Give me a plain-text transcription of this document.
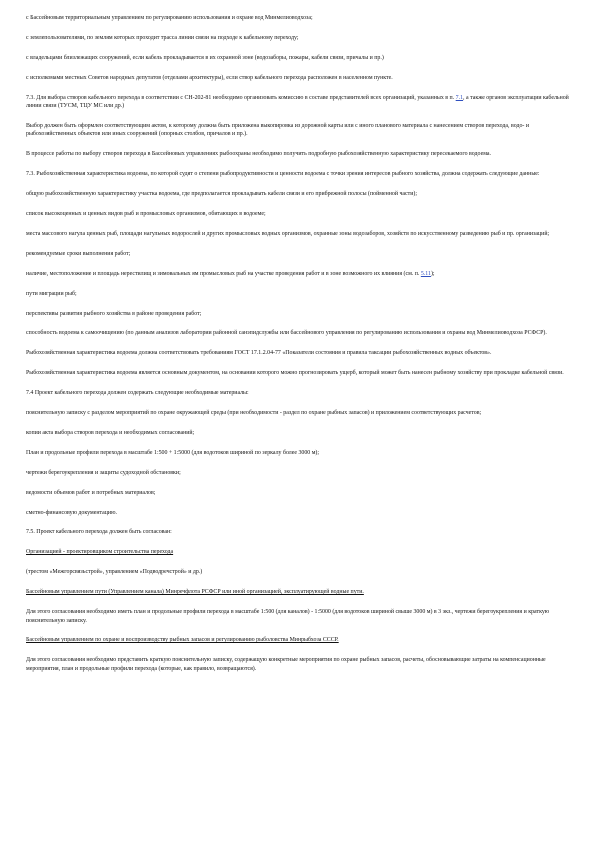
с Бассейновым территориальным управлением по регулированию использования и охране вод Минмелиоводхоза;

с землепользователями, по землям которых проходит трасса линии связи на подходе к кабельному переходу;

с владельцами близлежащих сооружений, если кабель прокладывается в их охранной зоне (водозаборы, пожары, кабели связи, причалы и пр.)

с исполкомами местных Советов народных депутатов (отделами архитектуры), если створ кабельного перехода расположен в населенном пункте.

7.3. Для выбора створов кабельного перехода в соответствии с СН-202-81 необходимо организовать комиссию в составе представителей всех организаций, указанных в п. 7.1, а также органов эксплуатации кабельной линии связи (ТУСМ, ТЦУ МС или др.)

Выбор должен быть оформлен соответствующим актом, к которому должна быть приложена выкопировка из дорожной карты или с иного планового материала с нанесением створов перехода, водо- и рыбохозяйственных объектов или иных сооружений (опорных столбов, причалов и пр.).

В процессе работы по выбору створов перехода в Бассейновых управлениях рыбоохраны необходимо получить подробную рыбохозяйственную характеристику пересекаемого водоема.

7.3. Рыбохозяйственная характеристика водоема, по которой судят о степени рыбопродуктивности и ценности водоема с точки зрения интересов рыбного хозяйства, должна содержать следующие данные:

общую рыбохозяйственную характеристику участка водоема, где предполагается прокладывать кабели связи и его прибрежной полосы (пойменной части);

список высокоценных и ценных видов рыб и промысловых организмов, обитающих в водоеме;

места массового нагула ценных рыб, площади нагульных водорослей и других промысловых водных организмов, охранные зоны водозаборов, хозяйств по искусственному разведению рыб и пр. организаций;

рекомендуемые сроки выполнения работ;

наличие, местоположение и площадь нерестилищ и зимовальных ям промысловых рыб на участке проведения работ и в зоне возможного их влияния (см. п. 5.11);

пути миграции рыб;

перспективы развития рыбного хозяйства в районе проведения работ;

способность водоема к самоочищению (по данным анализов лаборатории районной санэпидслужбы или бассейнового управления по регулированию использования и охраны вод Минмелиоводхоза РСФСР).

Рыбохозяйственная характеристика водоема должна соответствовать требованиям ГОСТ 17.1.2.04-77 «Показатели состояния и правила таксации рыбохозяйственных водных объектов».

Рыбохозяйственная характеристика водоема является основным документом, на основании которого можно прогнозировать ущерб, который может быть нанесен рыбному хозяйству при прокладке кабельной связи.

7.4 Проект кабельного перехода должен содержать следующие необходимые материалы:

пояснительную записку с разделом мероприятий по охране окружающей среды (при необходимости - раздел по охране рыбных запасов) и приложением соответствующих расчетов;

копии акта выбора створов перехода и необходимых согласований;

План и продольные профили перехода в масштабе 1:500 + 1:5000 (для водотоков шириной по зеркалу более 3000 м);

чертежи берегоукрепления и защиты судоходной обстановки;

ведомости объемов работ и потребных материалов;

сметно-финансовую документацию.

7.5. Проект кабельного перехода должен быть согласован:

Организацией - проектировщиком строительства перехода

(трестом «Межгорсвязьстрой», управлением «Подводречстрой» и др.)

Бассейновым управлением пути (Управлением канала) Минречфлота РСФСР или иной организацией, эксплуатирующей водные пути.

Для этого согласования необходимо иметь план и продольные профили перехода в масштабе 1:500 (для каналов) - 1:5000 (для водотоков шириной свыше 3000 м) в 3 экз., чертежи берегоукрепления и краткую пояснительную записку.

Бассейновым управлением по охране и воспроизводству рыбных запасов и регулированию рыболовства Минрыбхоза СССР.

Для этого согласования необходимо представить краткую пояснительную записку, содержащую конкретные мероприятия по охране рыбных запасов, расчеты, обосновывающие затраты на компенсационные мероприятия, план и продольные профили перехода (которые, как правило, возвращаются).
